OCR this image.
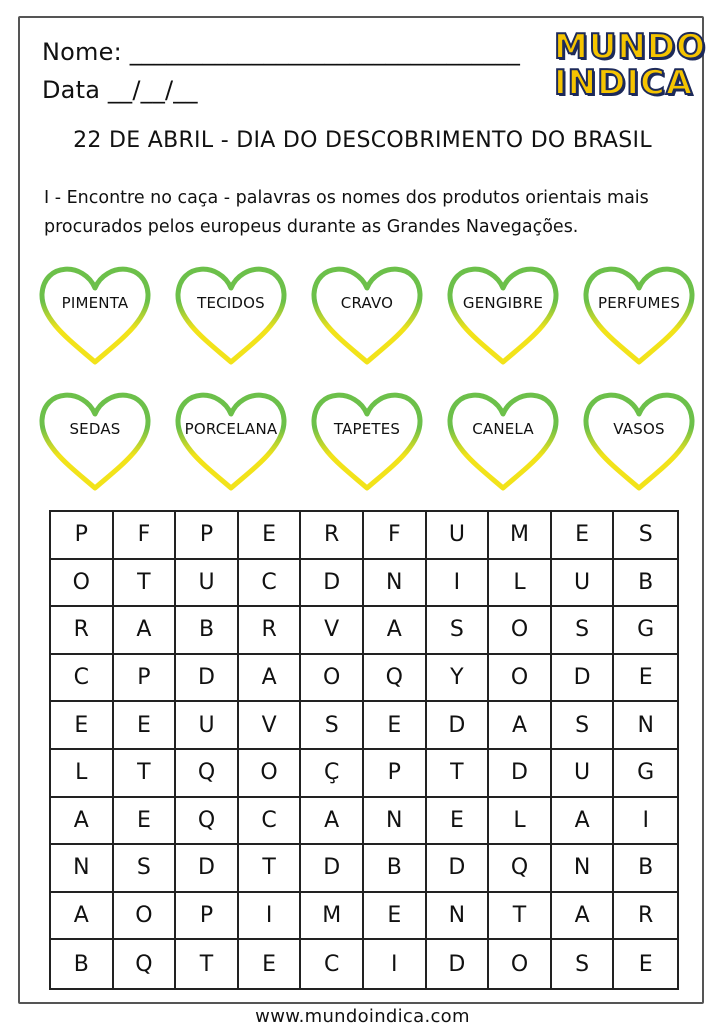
Nome: ________________________________
Data __/__/__
MUNDO
INDICA
22 DE ABRIL - DIA DO DESCOBRIMENTO DO BRASIL
I - Encontre no caça - palavras os nomes dos produtos orientais mais procurados pelos europeus durante as Grandes Navegações.
PIMENTA	TECIDOS	CRAVO	GENGIBRE	PERFUMES
SEDAS	PORCELANA	TAPETES	CANELA	VASOS
P	F	P	E	R	F	U	M	E	S
O	T	U	C	D	N	I	L	U	B
R	A	B	R	V	A	S	O	S	G
C	P	D	A	O	Q	Y	O	D	E
E	E	U	V	S	E	D	A	S	N
L	T	Q	O	Ç	P	T	D	U	G
A	E	Q	C	A	N	E	L	A	I
N	S	D	T	D	B	D	Q	N	B
A	O	P	I	M	E	N	T	A	R
B	Q	T	E	C	I	D	O	S	E
www.mundoindica.com
